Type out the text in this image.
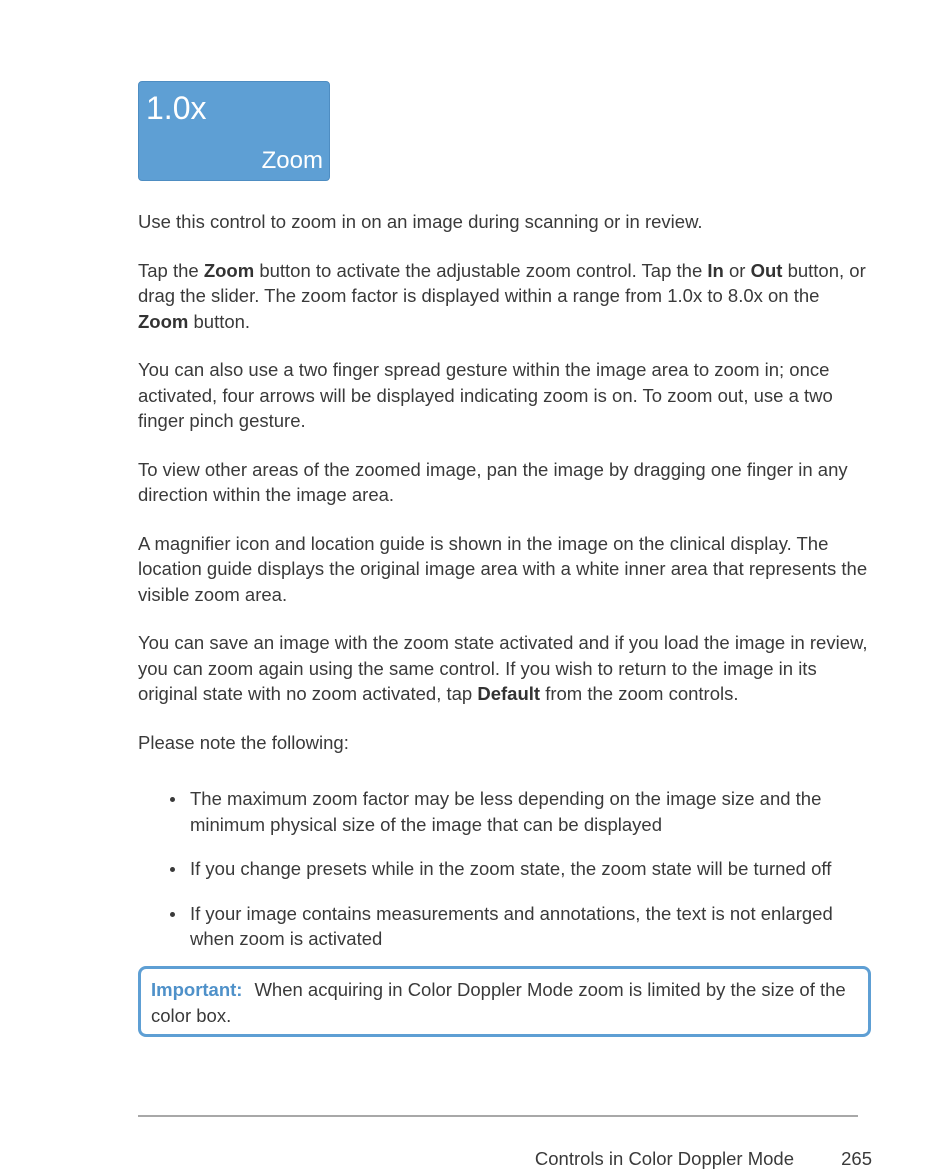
1.0x
Zoom

Use this control to zoom in on an image during scanning or in review.

Tap the Zoom button to activate the adjustable zoom control. Tap the In or Out button, or drag the slider. The zoom factor is displayed within a range from 1.0x to 8.0x on the Zoom button.

You can also use a two finger spread gesture within the image area to zoom in; once activated, four arrows will be displayed indicating zoom is on. To zoom out, use a two finger pinch gesture.

To view other areas of the zoomed image, pan the image by dragging one finger in any direction within the image area.

A magnifier icon and location guide is shown in the image on the clinical display. The location guide displays the original image area with a white inner area that represents the visible zoom area.

You can save an image with the zoom state activated and if you load the image in review, you can zoom again using the same control. If you wish to return to the image in its original state with no zoom activated, tap Default from the zoom controls.

Please note the following:

The maximum zoom factor may be less depending on the image size and the minimum physical size of the image that can be displayed
If you change presets while in the zoom state, the zoom state will be turned off
If your image contains measurements and annotations, the text is not enlarged when zoom is activated
Important: When acquiring in Color Doppler Mode zoom is limited by the size of the color box.
Controls in Color Doppler Mode	265
